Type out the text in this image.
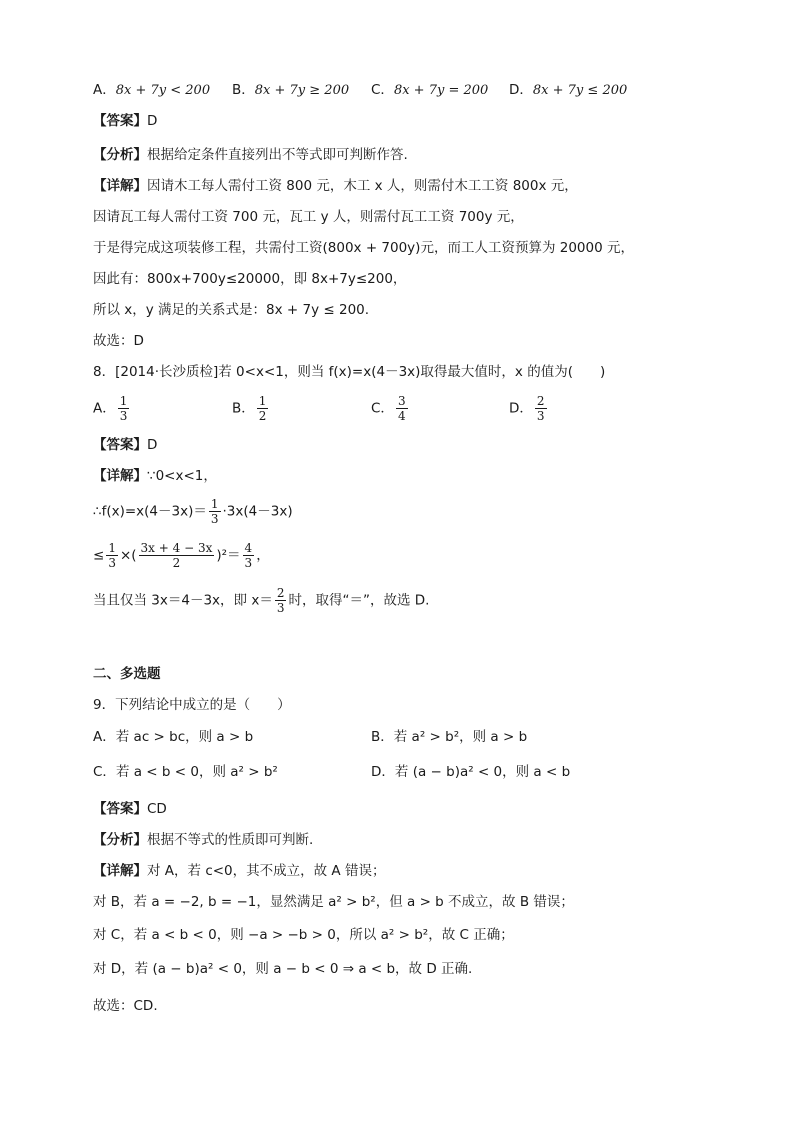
A．8x + 7y < 200 B．8x + 7y ≥ 200 C．8x + 7y = 200 D．8x + 7y ≤ 200
【答案】D
【分析】根据给定条件直接列出不等式即可判断作答.
【详解】因请木工每人需付工资 800 元，木工 x 人，则需付木工工资 800x 元，
因请瓦工每人需付工资 700 元，瓦工 y 人，则需付瓦工工资 700y 元，
于是得完成这项装修工程，共需付工资(800x + 700y)元，而工人工资预算为 20000 元，
因此有：800x+700y≤20000，即 8x+7y≤200，
所以 x，y 满足的关系式是：8x + 7y ≤ 200.
故选：D
8．[2014·长沙质检]若 0<x<1，则当 f(x)=x(4－3x)取得最大值时，x 的值为(　　)
A． $\frac{1}{3}$	B． $\frac{1}{2}$	C． $\frac{3}{4}$	D． $\frac{2}{3}$
【答案】D
【详解】∵0<x<1，
∴f(x)=x(4－3x)＝ $\frac{1}{3} \cdot 3x(4-3x)$
≤ $\frac{1}{3}$ ×( $\frac{3x + 4 - 3x}{2} )^2= \frac{4}{3}$ ，
当且仅当 3x＝4－3x，即 $x= \frac{2}{3}$ 时，取得“＝”，故选 D.
二、多选题
9．下列结论中成立的是（　　）
A．若 ac > bc，则 a > b	B．若 a² > b²，则 a > b
C．若 a < b < 0，则 a² > b²	D．若 (a − b)a² < 0，则 a < b
【答案】CD
【分析】根据不等式的性质即可判断.
【详解】对 A，若 c<0，其不成立，故 A 错误；
对 B，若 a = −2, b = −1，显然满足 a² > b²，但 a > b 不成立，故 B 错误；
对 C，若 a < b < 0，则 −a > −b > 0，所以 a² > b²，故 C 正确；
对 D，若 (a − b)a² < 0，则 a − b < 0 ⇒ a < b，故 D 正确.
故选：CD.
